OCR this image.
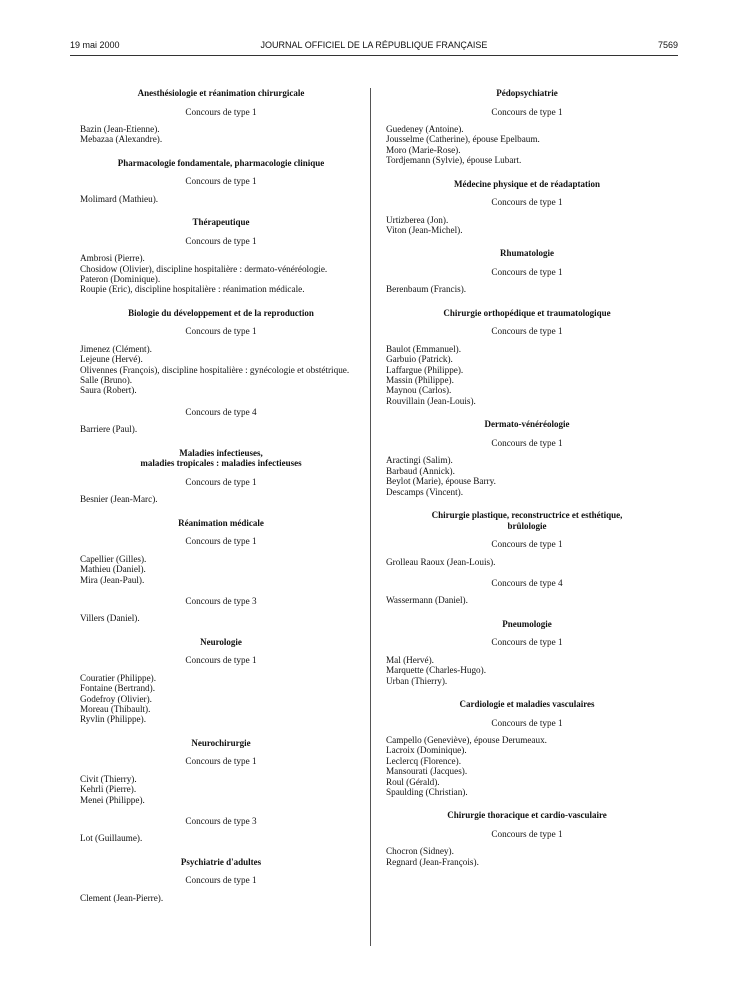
19 mai 2000	JOURNAL OFFICIEL DE LA RÉPUBLIQUE FRANÇAISE	7569
Anesthésiologie et réanimation chirurgicale
Concours de type 1
Bazin (Jean-Etienne).
Mebazaa (Alexandre).
Pharmacologie fondamentale, pharmacologie clinique
Concours de type 1
Molimard (Mathieu).
Thérapeutique
Concours de type 1
Ambrosi (Pierre).
Chosidow (Olivier), discipline hospitalière : dermato-vénéréologie.
Pateron (Dominique).
Roupie (Eric), discipline hospitalière : réanimation médicale.
Biologie du développement et de la reproduction
Concours de type 1
Jimenez (Clément).
Lejeune (Hervé).
Olivennes (François), discipline hospitalière : gynécologie et obstétrique.
Salle (Bruno).
Saura (Robert).
Concours de type 4
Barriere (Paul).
Maladies infectieuses,
maladies tropicales : maladies infectieuses
Concours de type 1
Besnier (Jean-Marc).
Réanimation médicale
Concours de type 1
Capellier (Gilles).
Mathieu (Daniel).
Mira (Jean-Paul).
Concours de type 3
Villers (Daniel).
Neurologie
Concours de type 1
Couratier (Philippe).
Fontaine (Bertrand).
Godefroy (Olivier).
Moreau (Thibault).
Ryvlin (Philippe).
Neurochirurgie
Concours de type 1
Civit (Thierry).
Kehrli (Pierre).
Menei (Philippe).
Concours de type 3
Lot (Guillaume).
Psychiatrie d'adultes
Concours de type 1
Clement (Jean-Pierre).
Pédopsychiatrie
Concours de type 1
Guedeney (Antoine).
Jousselme (Catherine), épouse Epelbaum.
Moro (Marie-Rose).
Tordjemann (Sylvie), épouse Lubart.
Médecine physique et de réadaptation
Concours de type 1
Urtizberea (Jon).
Viton (Jean-Michel).
Rhumatologie
Concours de type 1
Berenbaum (Francis).
Chirurgie orthopédique et traumatologique
Concours de type 1
Baulot (Emmanuel).
Garbuio (Patrick).
Laffargue (Philippe).
Massin (Philippe).
Maynou (Carlos).
Rouvillain (Jean-Louis).
Dermato-vénéréologie
Concours de type 1
Aractingi (Salim).
Barbaud (Annick).
Beylot (Marie), épouse Barry.
Descamps (Vincent).
Chirurgie plastique, reconstructrice et esthétique,
brûlologie
Concours de type 1
Grolleau Raoux (Jean-Louis).
Concours de type 4
Wassermann (Daniel).
Pneumologie
Concours de type 1
Mal (Hervé).
Marquette (Charles-Hugo).
Urban (Thierry).
Cardiologie et maladies vasculaires
Concours de type 1
Campello (Geneviève), épouse Derumeaux.
Lacroix (Dominique).
Leclercq (Florence).
Mansourati (Jacques).
Roul (Gérald).
Spaulding (Christian).
Chirurgie thoracique et cardio-vasculaire
Concours de type 1
Chocron (Sidney).
Regnard (Jean-François).
